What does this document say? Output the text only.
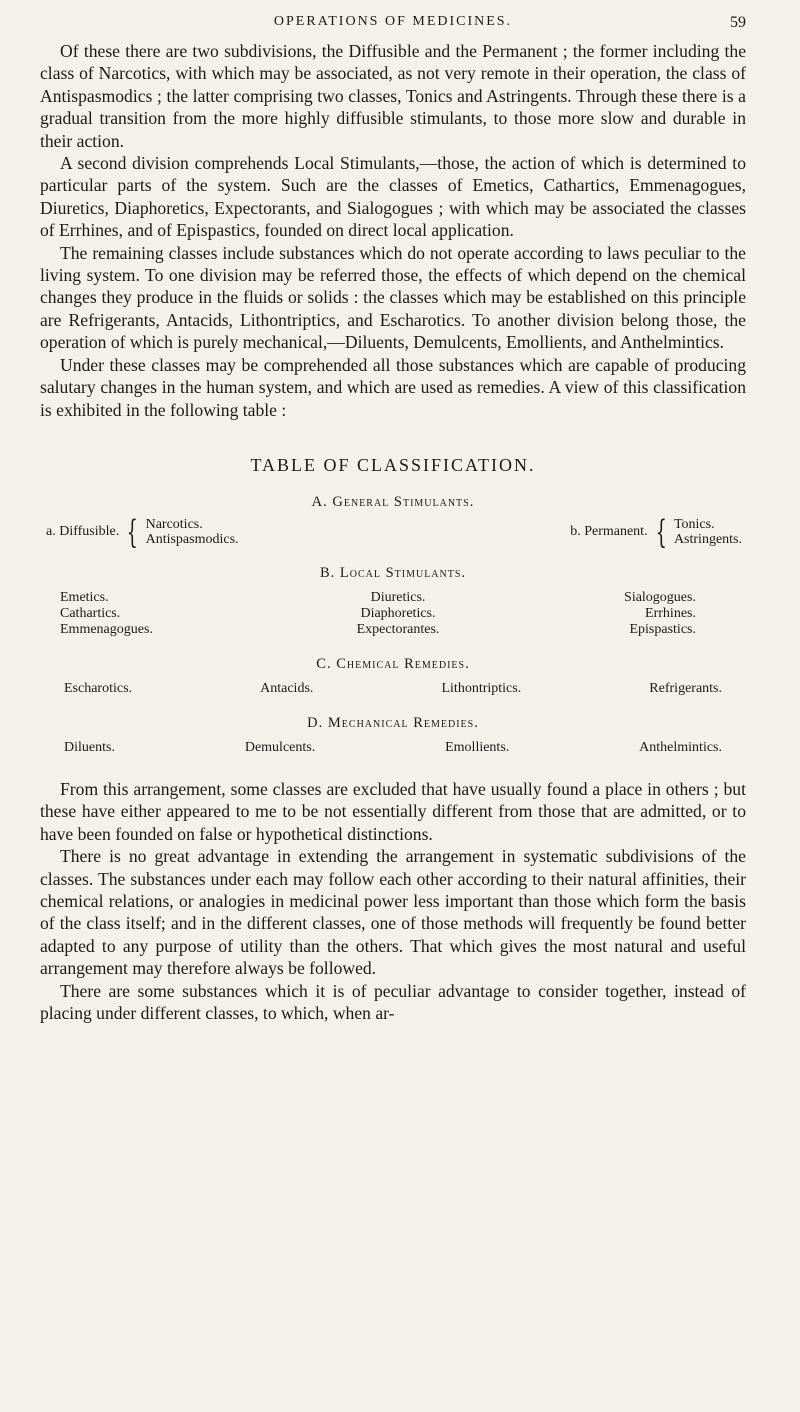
OPERATIONS OF MEDICINES.	59

Of these there are two subdivisions, the Diffusible and the Permanent ; the former including the class of Narcotics, with which may be associated, as not very remote in their operation, the class of Antispasmodics ; the latter comprising two classes, Tonics and Astringents. Through these there is a gradual transition from the more highly diffusible stimulants, to those more slow and durable in their action.

A second division comprehends Local Stimulants,—those, the action of which is determined to particular parts of the system. Such are the classes of Emetics, Cathartics, Emmenagogues, Diuretics, Diaphoretics, Expectorants, and Sialogogues ; with which may be associated the classes of Errhines, and of Epispastics, founded on direct local application.

The remaining classes include substances which do not operate according to laws peculiar to the living system. To one division may be referred those, the effects of which depend on the chemical changes they produce in the fluids or solids : the classes which may be established on this principle are Refrigerants, Antacids, Lithontriptics, and Escharotics. To another division belong those, the operation of which is purely mechanical,—Diluents, Demulcents, Emollients, and Anthelmintics.

Under these classes may be comprehended all those substances which are capable of producing salutary changes in the human system, and which are used as remedies. A view of this classification is exhibited in the following table :

TABLE OF CLASSIFICATION.
A. General Stimulants.
a. Diffusible. { Narcotics.
Antispasmodics.
b. Permanent. { Tonics.
Astringents.
B. Local Stimulants.
Emetics.	Diuretics.	Sialogogues.
Cathartics.	Diaphoretics.	Errhines.
Emmenagogues.	Expectorantes.	Epispastics.
C. Chemical Remedies.
Escharotics.	Antacids.	Lithontriptics.	Refrigerants.
D. Mechanical Remedies.
Diluents.	Demulcents.	Emollients.	Anthelmintics.

From this arrangement, some classes are excluded that have usually found a place in others ; but these have either appeared to me to be not essentially different from those that are admitted, or to have been founded on false or hypothetical distinctions.

There is no great advantage in extending the arrangement in systematic subdivisions of the classes. The substances under each may follow each other according to their natural affinities, their chemical relations, or analogies in medicinal power less important than those which form the basis of the class itself; and in the different classes, one of those methods will frequently be found better adapted to any purpose of utility than the others. That which gives the most natural and useful arrangement may therefore always be followed.

There are some substances which it is of peculiar advantage to consider together, instead of placing under different classes, to which, when ar-
